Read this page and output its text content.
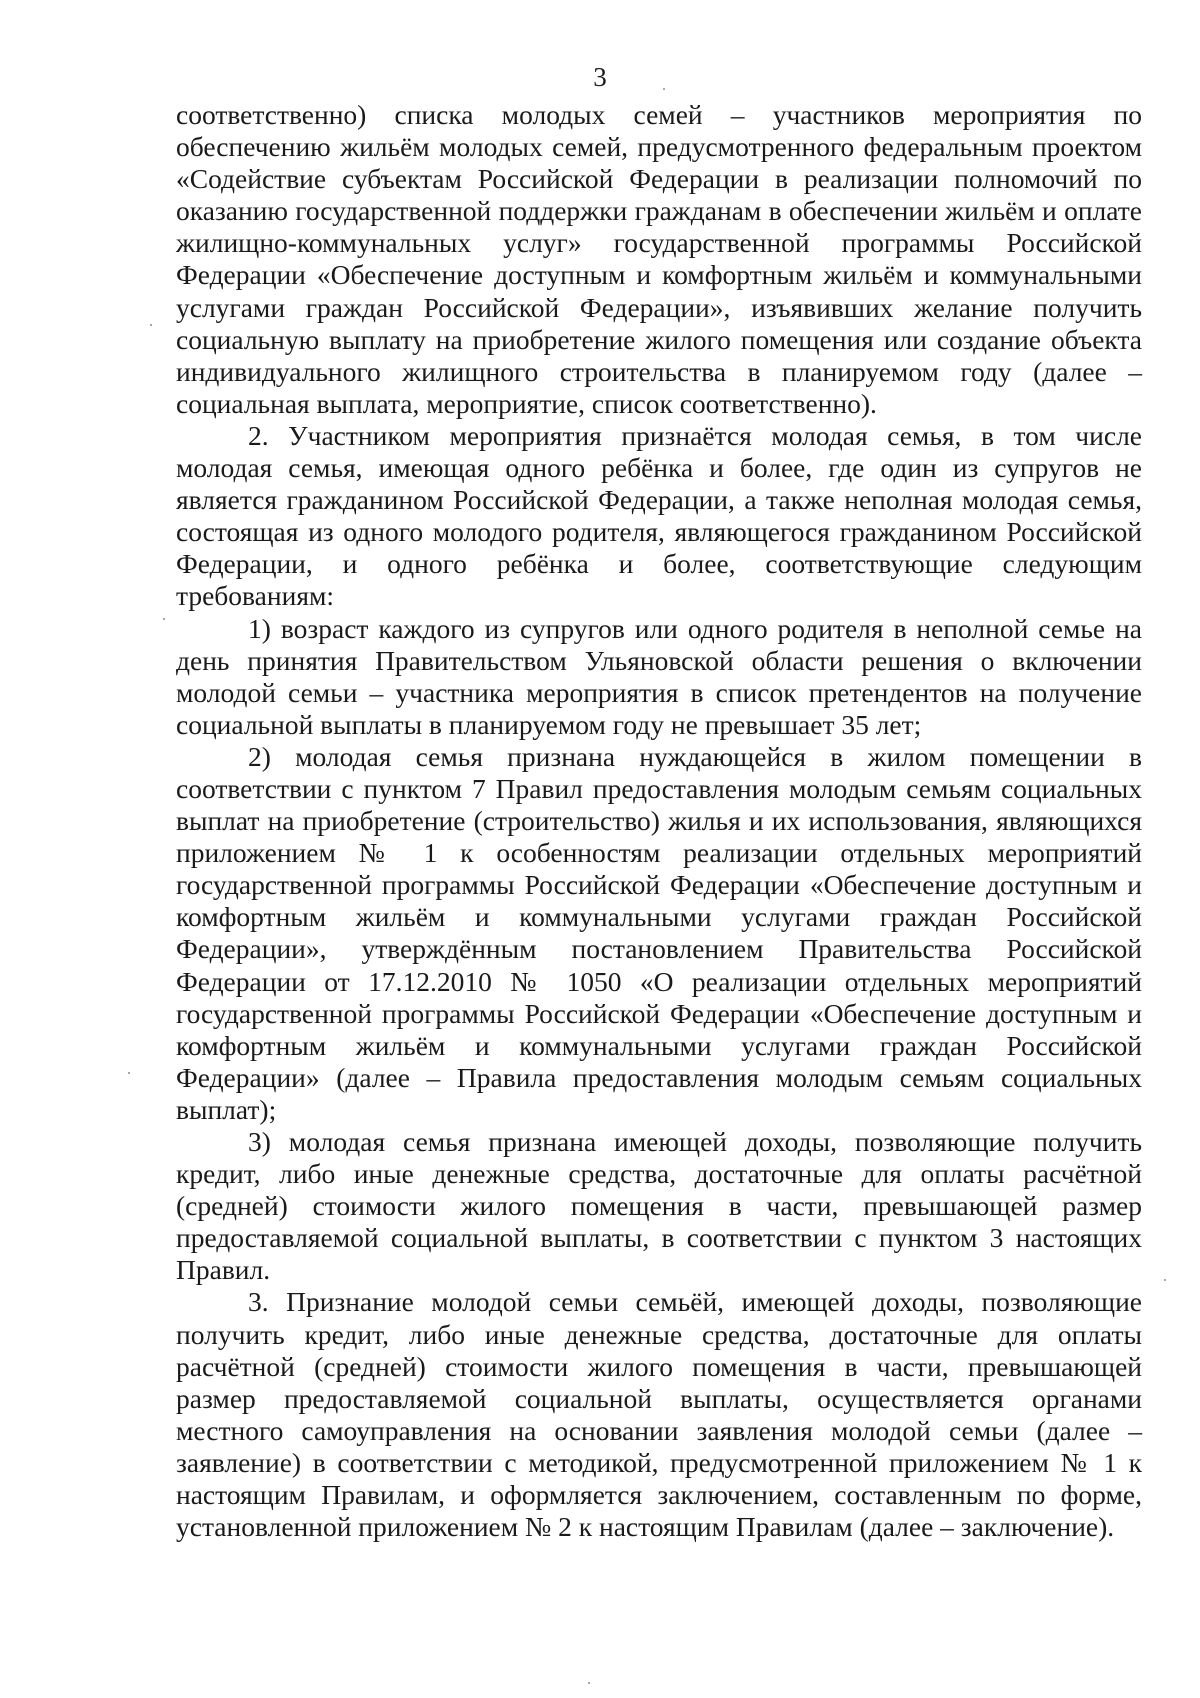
3

соответственно) списка молодых семей – участников мероприятия по обеспечению жильём молодых семей, предусмотренного федеральным проектом «Содействие субъектам Российской Федерации в реализации полномочий по оказанию государственной поддержки гражданам в обеспечении жильём и оплате жилищно-коммунальных услуг» государственной программы Российской Федерации «Обеспечение доступным и комфортным жильём и коммунальными услугами граждан Российской Федерации», изъявивших желание получить социальную выплату на приобретение жилого помещения или создание объекта индивидуального жилищного строительства в планируемом году (далее – социальная выплата, мероприятие, список соответственно).

2. Участником мероприятия признаётся молодая семья, в том числе молодая семья, имеющая одного ребёнка и более, где один из супругов не является гражданином Российской Федерации, а также неполная молодая семья, состоящая из одного молодого родителя, являющегося гражданином Российской Федерации, и одного ребёнка и более, соответствующие следующим требованиям:

1) возраст каждого из супругов или одного родителя в неполной семье на день принятия Правительством Ульяновской области решения о включении молодой семьи – участника мероприятия в список претендентов на получение социальной выплаты в планируемом году не превышает 35 лет;

2) молодая семья признана нуждающейся в жилом помещении в соответствии с пунктом 7 Правил предоставления молодым семьям социальных выплат на приобретение (строительство) жилья и их использования, являющихся приложением № 1 к особенностям реализации отдельных мероприятий государственной программы Российской Федерации «Обеспечение доступным и комфортным жильём и коммунальными услугами граждан Российской Федерации», утверждённым постановлением Правительства Российской Федерации от 17.12.2010 № 1050 «О реализации отдельных мероприятий государственной программы Российской Федерации «Обеспечение доступным и комфортным жильём и коммунальными услугами граждан Российской Федерации» (далее – Правила предоставления молодым семьям социальных выплат);

3) молодая семья признана имеющей доходы, позволяющие получить кредит, либо иные денежные средства, достаточные для оплаты расчётной (средней) стоимости жилого помещения в части, превышающей размер предоставляемой социальной выплаты, в соответствии с пунктом 3 настоящих Правил.

3. Признание молодой семьи семьёй, имеющей доходы, позволяющие получить кредит, либо иные денежные средства, достаточные для оплаты расчётной (средней) стоимости жилого помещения в части, превышающей размер предоставляемой социальной выплаты, осуществляется органами местного самоуправления на основании заявления молодой семьи (далее – заявление) в соответствии с методикой, предусмотренной приложением № 1 к настоящим Правилам, и оформляется заключением, составленным по форме, установленной приложением № 2 к настоящим Правилам (далее – заключение).
